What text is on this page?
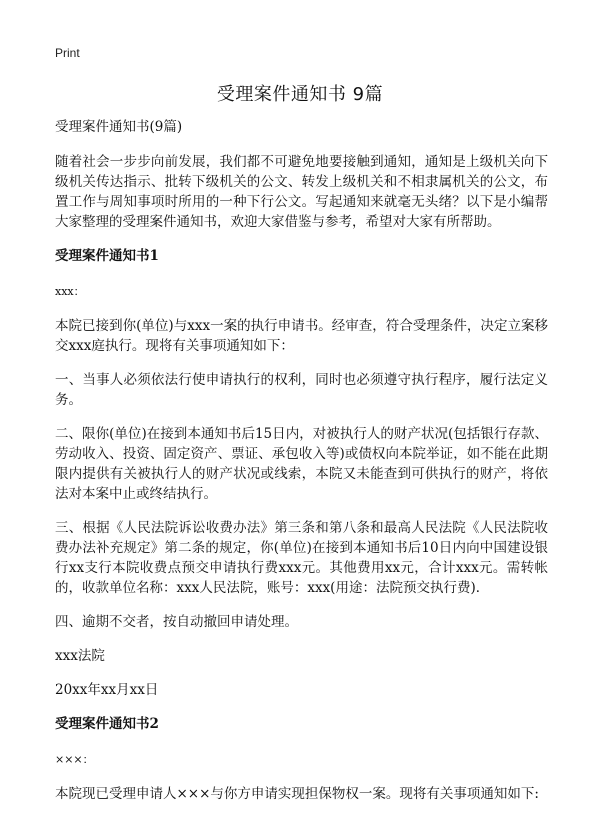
Print
受理案件通知书 9篇

受理案件通知书(9篇)

随着社会一步步向前发展，我们都不可避免地要接触到通知，通知是上级机关向下级机关传达指示、批转下级机关的公文、转发上级机关和不相隶属机关的公文，布置工作与周知事项时所用的一种下行公文。写起通知来就毫无头绪？以下是小编帮大家整理的受理案件通知书，欢迎大家借鉴与参考，希望对大家有所帮助。

受理案件通知书1

xxx：

本院已接到你(单位)与xxx一案的执行申请书。经审查，符合受理条件，决定立案移交xxx庭执行。现将有关事项通知如下：

一、当事人必须依法行使申请执行的权利，同时也必须遵守执行程序，履行法定义务。

二、限你(单位)在接到本通知书后15日内，对被执行人的财产状况(包括银行存款、劳动收入、投资、固定资产、票证、承包收入等)或债权向本院举证，如不能在此期限内提供有关被执行人的财产状况或线索，本院又未能查到可供执行的财产，将依法对本案中止或终结执行。

三、根据《人民法院诉讼收费办法》第三条和第八条和最高人民法院《人民法院收费办法补充规定》第二条的规定，你(单位)在接到本通知书后10日内向中国建设银行xx支行本院收费点预交申请执行费xxx元。其他费用xx元，合计xxx元。需转帐的，收款单位名称：xxx人民法院，账号：xxx(用途：法院预交执行费)．

四、逾期不交者，按自动撤回申请处理。

xxx法院

20xx年xx月xx日

受理案件通知书2

×××：

本院现已受理申请人×××与你方申请实现担保物权一案。现将有关事项通知如下:
